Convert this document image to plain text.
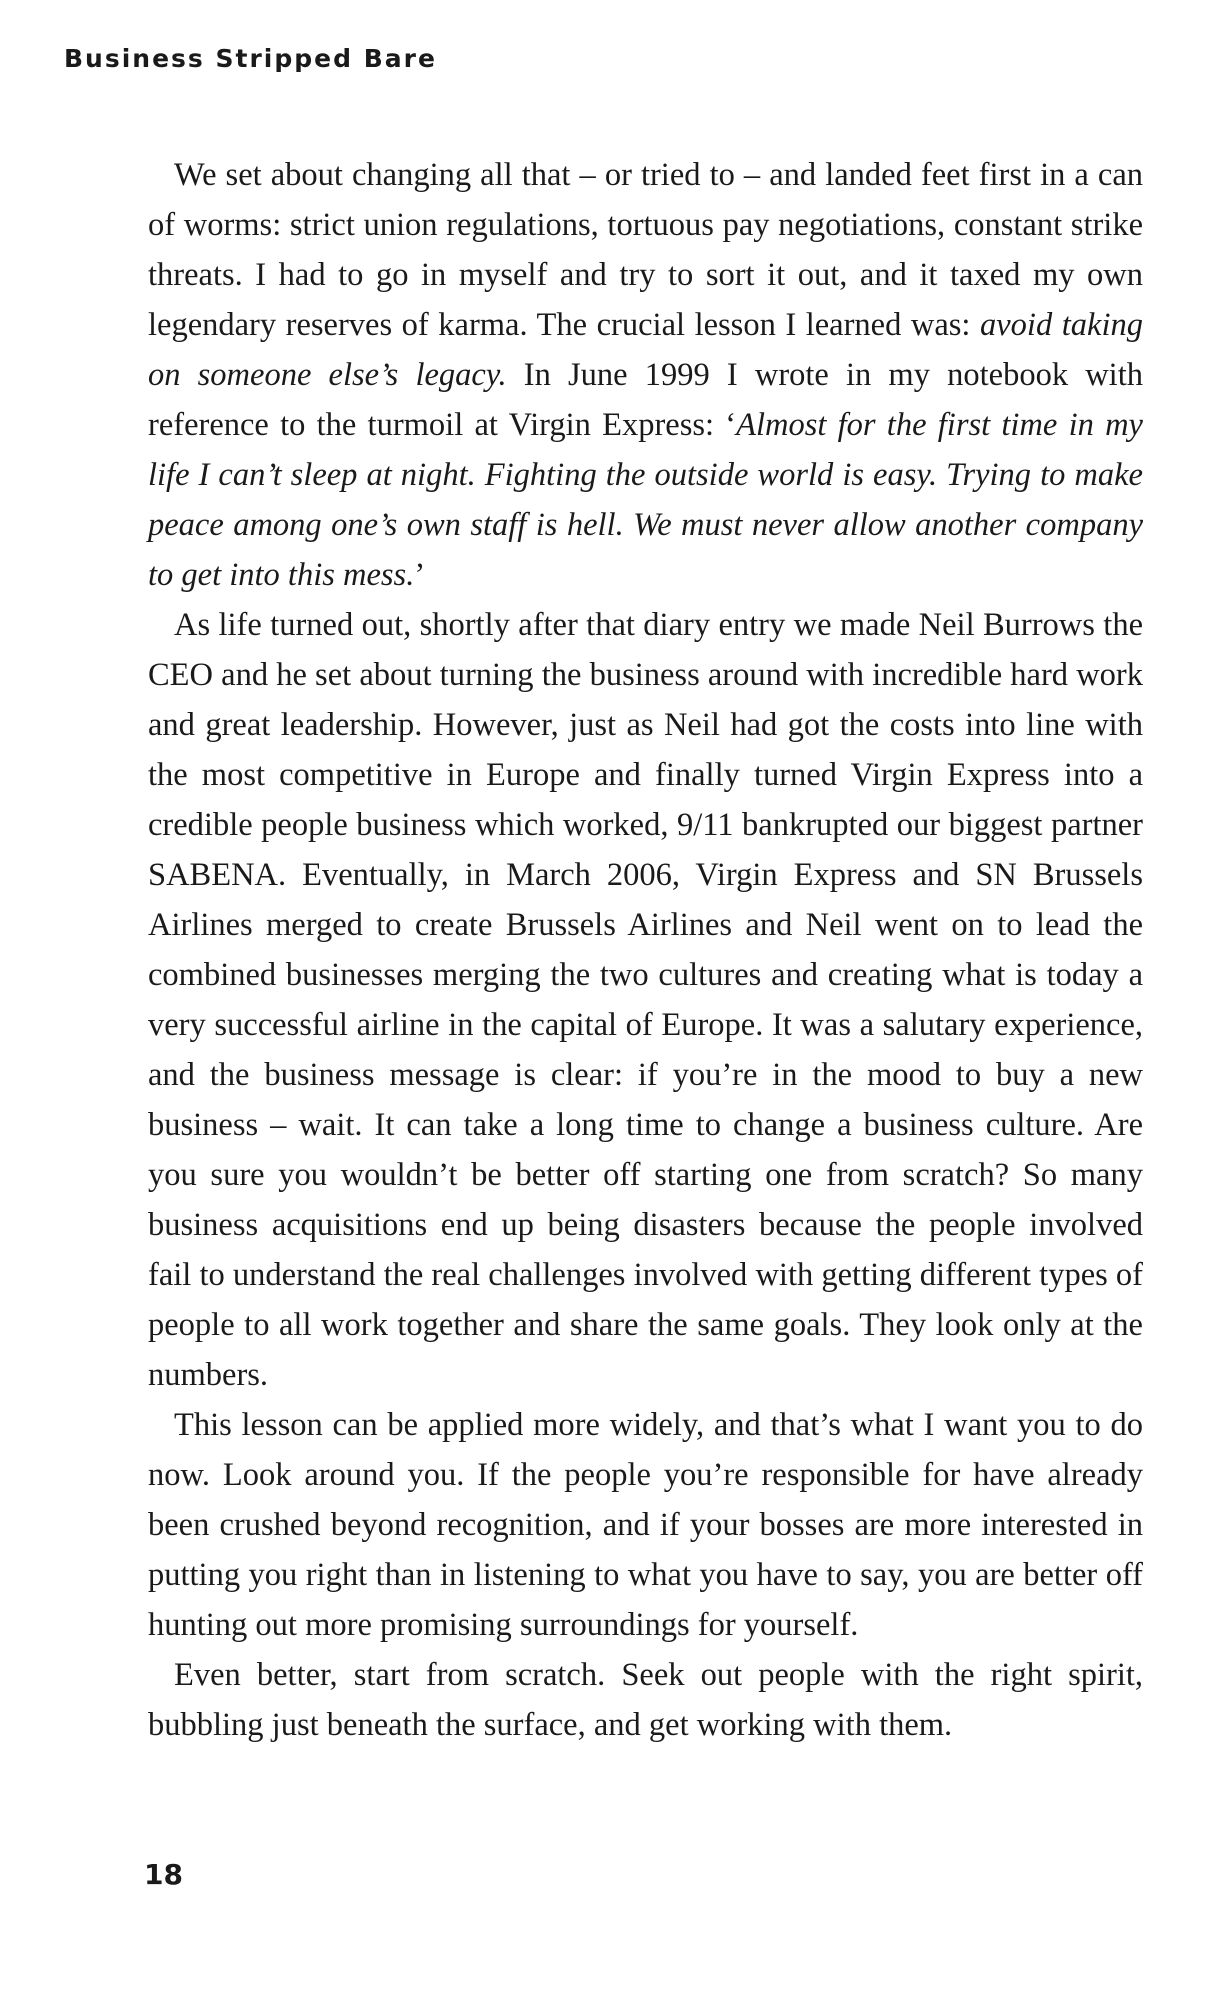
Business Stripped Bare

We set about changing all that – or tried to – and landed feet first in a can of worms: strict union regulations, tortuous pay negotiations, constant strike threats. I had to go in myself and try to sort it out, and it taxed my own legendary reserves of karma. The crucial lesson I learned was: avoid taking on someone else’s legacy. In June 1999 I wrote in my notebook with reference to the turmoil at Virgin Express: ‘Almost for the first time in my life I can’t sleep at night. Fighting the outside world is easy. Trying to make peace among one’s own staff is hell. We must never allow another company to get into this mess.’

As life turned out, shortly after that diary entry we made Neil Burrows the CEO and he set about turning the business around with incredible hard work and great leadership. However, just as Neil had got the costs into line with the most competitive in Europe and finally turned Virgin Express into a credible people business which worked, 9/11 bankrupted our biggest partner SABENA. Eventually, in March 2006, Virgin Express and SN Brussels Airlines merged to create Brussels Airlines and Neil went on to lead the combined businesses merging the two cultures and creating what is today a very successful airline in the capital of Europe. It was a salutary experience, and the business message is clear: if you’re in the mood to buy a new business – wait. It can take a long time to change a business culture. Are you sure you wouldn’t be better off starting one from scratch? So many business acquisitions end up being disasters because the people involved fail to understand the real challenges involved with getting different types of people to all work together and share the same goals. They look only at the numbers.

This lesson can be applied more widely, and that’s what I want you to do now. Look around you. If the people you’re responsible for have already been crushed beyond recognition, and if your bosses are more interested in putting you right than in listening to what you have to say, you are better off hunting out more promising surroundings for yourself.

Even better, start from scratch. Seek out people with the right spirit, bubbling just beneath the surface, and get working with them.

18
